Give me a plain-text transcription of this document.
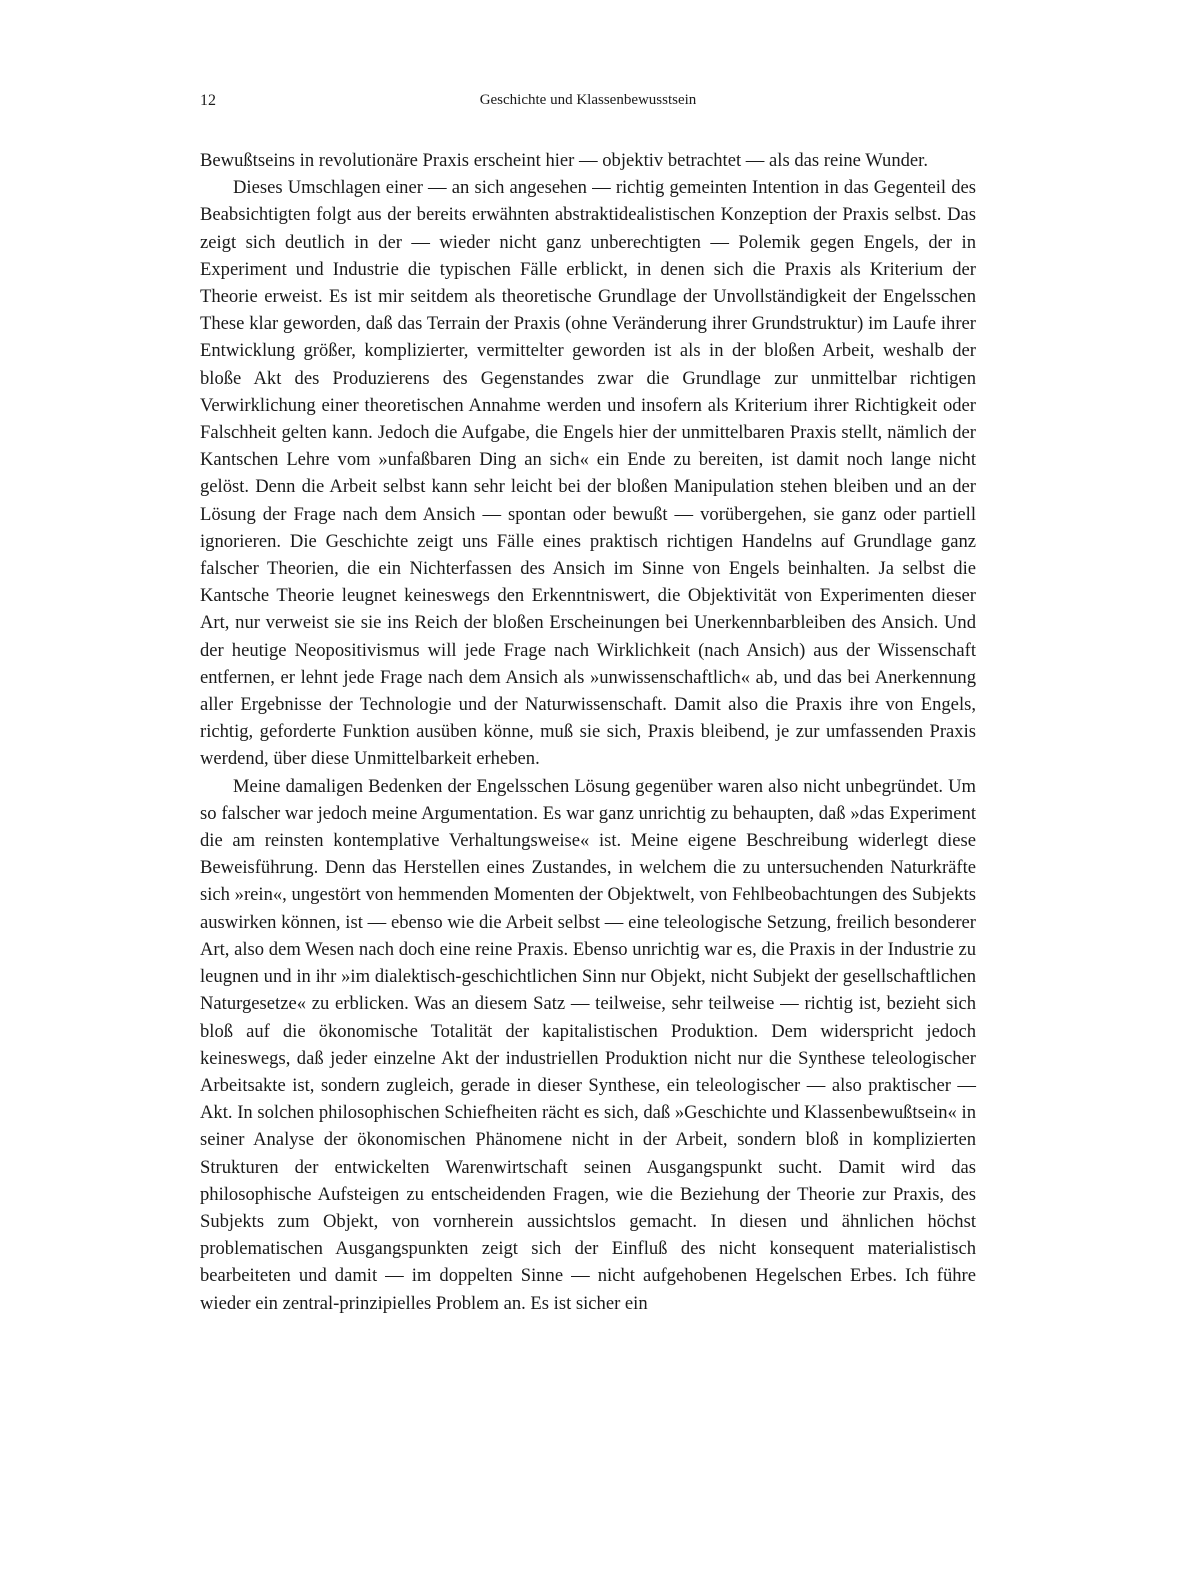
12	Geschichte und Klassenbewusstsein

Bewußtseins in revolutionäre Praxis erscheint hier — objektiv betrachtet — als das reine Wunder.

Dieses Umschlagen einer — an sich angesehen — richtig gemeinten Intention in das Gegenteil des Beabsichtigten folgt aus der bereits erwähnten abstraktidealistischen Konzeption der Praxis selbst. Das zeigt sich deutlich in der — wieder nicht ganz unberechtigten — Polemik gegen Engels, der in Experiment und Industrie die typischen Fälle erblickt, in denen sich die Praxis als Kriterium der Theorie erweist. Es ist mir seitdem als theoretische Grundlage der Unvollständigkeit der Engelsschen These klar geworden, daß das Terrain der Praxis (ohne Veränderung ihrer Grundstruktur) im Laufe ihrer Entwicklung größer, komplizierter, vermittelter geworden ist als in der bloßen Arbeit, weshalb der bloße Akt des Produzierens des Gegenstandes zwar die Grundlage zur unmittelbar richtigen Verwirklichung einer theoretischen Annahme werden und insofern als Kriterium ihrer Richtigkeit oder Falschheit gelten kann. Jedoch die Aufgabe, die Engels hier der unmittelbaren Praxis stellt, nämlich der Kantschen Lehre vom »unfaßbaren Ding an sich« ein Ende zu bereiten, ist damit noch lange nicht gelöst. Denn die Arbeit selbst kann sehr leicht bei der bloßen Manipulation stehen bleiben und an der Lösung der Frage nach dem Ansich — spontan oder bewußt — vorübergehen, sie ganz oder partiell ignorieren. Die Geschichte zeigt uns Fälle eines praktisch richtigen Handelns auf Grundlage ganz falscher Theorien, die ein Nichterfassen des Ansich im Sinne von Engels beinhalten. Ja selbst die Kantsche Theorie leugnet keineswegs den Erkenntniswert, die Objektivität von Experimenten dieser Art, nur verweist sie sie ins Reich der bloßen Erscheinungen bei Unerkennbarbleiben des Ansich. Und der heutige Neopositivismus will jede Frage nach Wirklichkeit (nach Ansich) aus der Wissenschaft entfernen, er lehnt jede Frage nach dem Ansich als »unwissenschaftlich« ab, und das bei Anerkennung aller Ergebnisse der Technologie und der Naturwissenschaft. Damit also die Praxis ihre von Engels, richtig, geforderte Funktion ausüben könne, muß sie sich, Praxis bleibend, je zur umfassenden Praxis werdend, über diese Unmittelbarkeit erheben.

Meine damaligen Bedenken der Engelsschen Lösung gegenüber waren also nicht unbegründet. Um so falscher war jedoch meine Argumentation. Es war ganz unrichtig zu behaupten, daß »das Experiment die am reinsten kontemplative Verhaltungsweise« ist. Meine eigene Beschreibung widerlegt diese Beweisführung. Denn das Herstellen eines Zustandes, in welchem die zu untersuchenden Naturkräfte sich »rein«, ungestört von hemmenden Momenten der Objektwelt, von Fehlbeobachtungen des Subjekts auswirken können, ist — ebenso wie die Arbeit selbst — eine teleologische Setzung, freilich besonderer Art, also dem Wesen nach doch eine reine Praxis. Ebenso unrichtig war es, die Praxis in der Industrie zu leugnen und in ihr »im dialektisch-geschichtlichen Sinn nur Objekt, nicht Subjekt der gesellschaftlichen Naturgesetze« zu erblicken. Was an diesem Satz — teilweise, sehr teilweise — richtig ist, bezieht sich bloß auf die ökonomische Totalität der kapitalistischen Produktion. Dem widerspricht jedoch keineswegs, daß jeder einzelne Akt der industriellen Produktion nicht nur die Synthese teleologischer Arbeitsakte ist, sondern zugleich, gerade in dieser Synthese, ein teleologischer — also praktischer — Akt. In solchen philosophischen Schiefheiten rächt es sich, daß »Geschichte und Klassenbewußtsein« in seiner Analyse der ökonomischen Phänomene nicht in der Arbeit, sondern bloß in komplizierten Strukturen der entwickelten Warenwirtschaft seinen Ausgangspunkt sucht. Damit wird das philosophische Aufsteigen zu entscheidenden Fragen, wie die Beziehung der Theorie zur Praxis, des Subjekts zum Objekt, von vornherein aussichtslos gemacht. In diesen und ähnlichen höchst problematischen Ausgangspunkten zeigt sich der Einfluß des nicht konsequent materialistisch bearbeiteten und damit — im doppelten Sinne — nicht aufgehobenen Hegelschen Erbes. Ich führe wieder ein zentral-prinzipielles Problem an. Es ist sicher ein
